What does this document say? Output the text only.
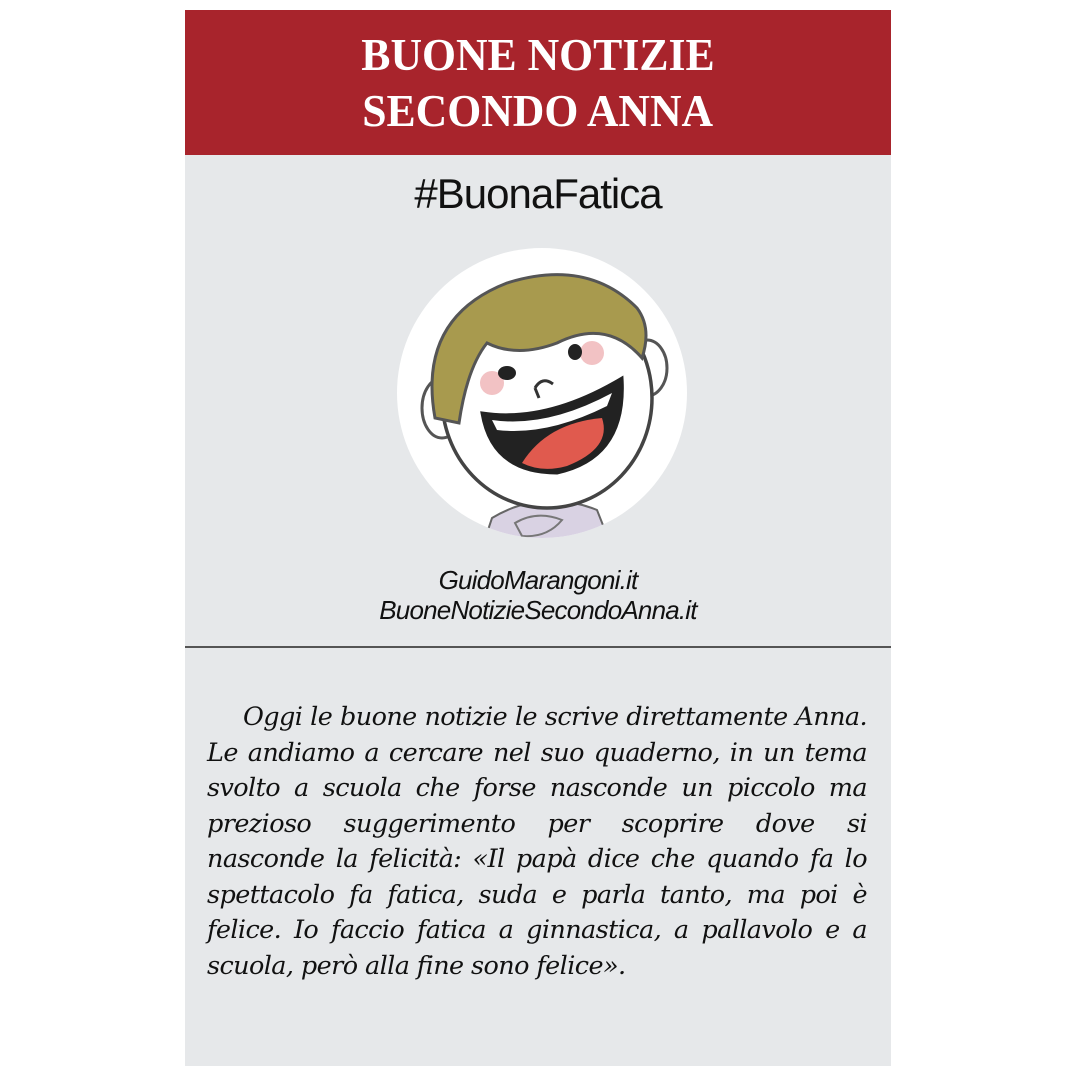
BUONE NOTIZIE
SECONDO ANNA
#BuonaFatica
GuidoMarangoni.it
BuoneNotizieSecondoAnna.it

Oggi le buone notizie le scrive direttamente Anna. Le andiamo a cercare nel suo quaderno, in un tema svolto a scuola che forse nasconde un piccolo ma prezioso suggerimento per scoprire dove si nasconde la felicità: «Il papà dice che quando fa lo spettacolo fa fatica, suda e parla tanto, ma poi è felice. Io faccio fatica a ginnastica, a pallavolo e a scuola, però alla fine sono felice».
